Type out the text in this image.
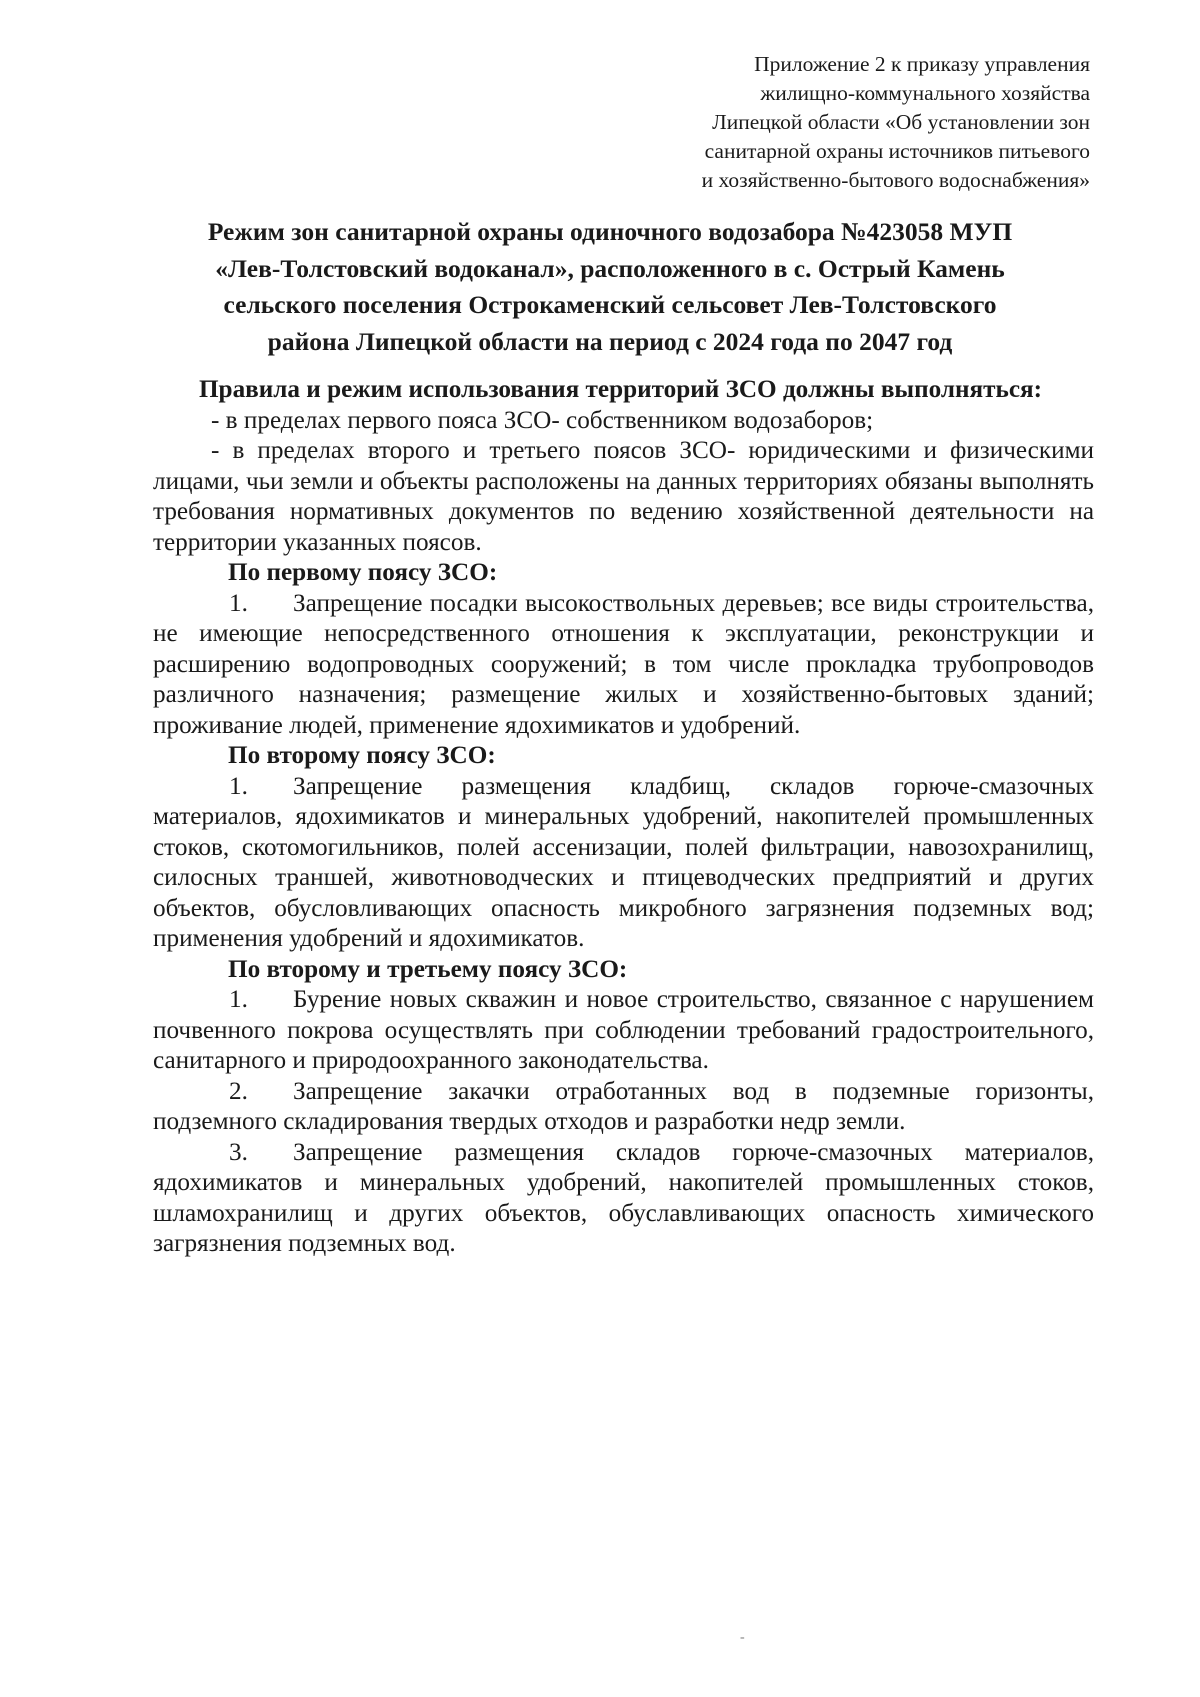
Приложение 2 к приказу управления
жилищно-коммунального хозяйства
Липецкой области «Об установлении зон
санитарной охраны источников питьевого
и хозяйственно-бытового водоснабжения»
Режим зон санитарной охраны одиночного водозабора №423058 МУП
«Лев-Толстовский водоканал», расположенного в с. Острый Камень
сельского поселения Острокаменский сельсовет Лев-Толстовского
района Липецкой области на период с 2024 года по 2047 год
Правила и режим использования территорий ЗСО должны выполняться:

- в пределах первого пояса ЗСО- собственником водозаборов;

- в пределах второго и третьего поясов ЗСО- юридическими и физическими лицами, чьи земли и объекты расположены на данных территориях обязаны выполнять требования нормативных документов по ведению хозяйственной деятельности на территории указанных поясов.

По первому поясу ЗСО:

1. Запрещение посадки высокоствольных деревьев; все виды строительства, не имеющие непосредственного отношения к эксплуатации, реконструкции и расширению водопроводных сооружений; в том числе прокладка трубопроводов различного назначения; размещение жилых и хозяйственно-бытовых зданий; проживание людей, применение ядохимикатов и удобрений.

По второму поясу ЗСО:

1. Запрещение размещения кладбищ, складов горюче-смазочных материалов, ядохимикатов и минеральных удобрений, накопителей промышленных стоков, скотомогильников, полей ассенизации, полей фильтрации, навозохранилищ, силосных траншей, животноводческих и птицеводческих предприятий и других объектов, обусловливающих опасность микробного загрязнения подземных вод; применения удобрений и ядохимикатов.

По второму и третьему поясу ЗСО:

1. Бурение новых скважин и новое строительство, связанное с нарушением почвенного покрова осуществлять при соблюдении требований градостроительного, санитарного и природоохранного законодательства.

2. Запрещение закачки отработанных вод в подземные горизонты, подземного складирования твердых отходов и разработки недр земли.

3. Запрещение размещения складов горюче-смазочных материалов, ядохимикатов и минеральных удобрений, накопителей промышленных стоков, шламохранилищ и других объектов, обуславливающих опасность химического загрязнения подземных вод.

-
